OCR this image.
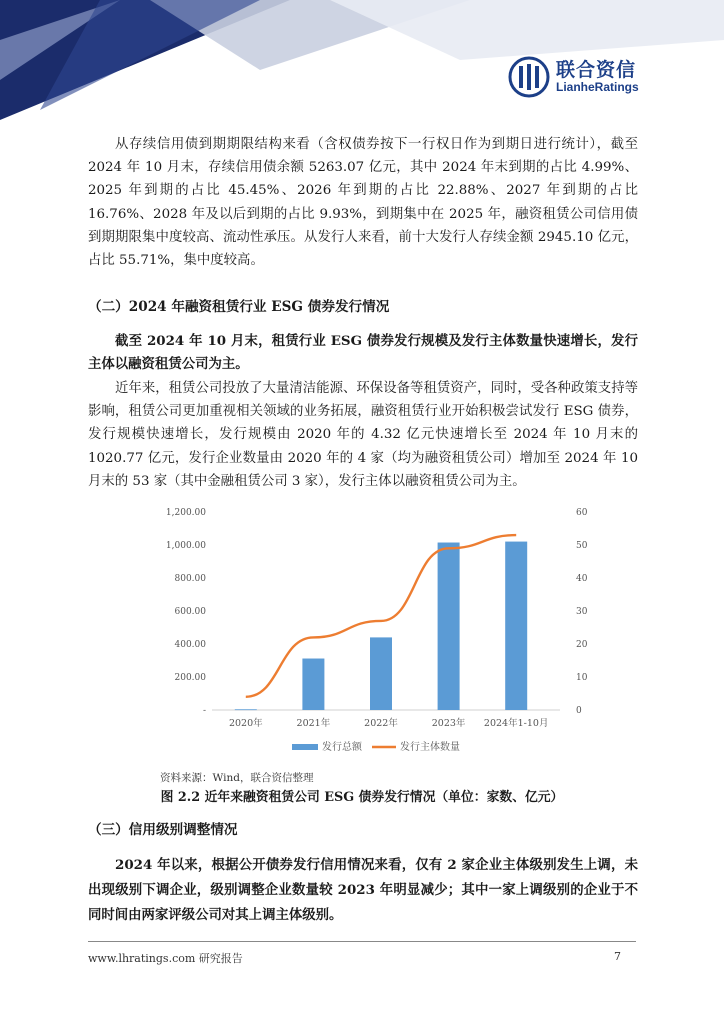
联合资信
LianheRatings

从存续信用债到期期限结构来看（含权债券按下一行权日作为到期日进行统计），截至 2024 年 10 月末，存续信用债余额 5263.07 亿元，其中 2024 年末到期的占比 4.99%、2025 年到期的占比 45.45%、2026 年到期的占比 22.88%、2027 年到期的占比 16.76%、2028 年及以后到期的占比 9.93%，到期集中在 2025 年，融资租赁公司信用债到期期限集中度较高、流动性承压。从发行人来看，前十大发行人存续金额 2945.10 亿元，占比 55.71%，集中度较高。

（二）2024 年融资租赁行业 ESG 债券发行情况

截至 2024 年 10 月末，租赁行业 ESG 债券发行规模及发行主体数量快速增长，发行主体以融资租赁公司为主。

近年来，租赁公司投放了大量清洁能源、环保设备等租赁资产，同时，受各种政策支持等影响，租赁公司更加重视相关领域的业务拓展，融资租赁行业开始积极尝试发行 ESG 债券，发行规模快速增长，发行规模由 2020 年的 4.32 亿元快速增长至 2024 年 10 月末的 1020.77 亿元，发行企业数量由 2020 年的 4 家（均为融资租赁公司）增加至 2024 年 10 月末的 53 家（其中金融租赁公司 3 家），发行主体以融资租赁公司为主。

-
200.00
400.00
600.00
800.00
1,000.00
1,200.00
0
10
20
30
40
50
60
2020年	2021年	2022年	2023年 2024年1-10月
发行总额	发行主体数量
资料来源：Wind，联合资信整理
图 2.2 近年来融资租赁公司 ESG 债券发行情况（单位：家数、亿元）

（三）信用级别调整情况

2024 年以来，根据公开债券发行信用情况来看，仅有 2 家企业主体级别发生上调，未出现级别下调企业，级别调整企业数量较 2023 年明显减少；其中一家上调级别的企业于不同时间由两家评级公司对其上调主体级别。

www.lhratings.com 研究报告	7
